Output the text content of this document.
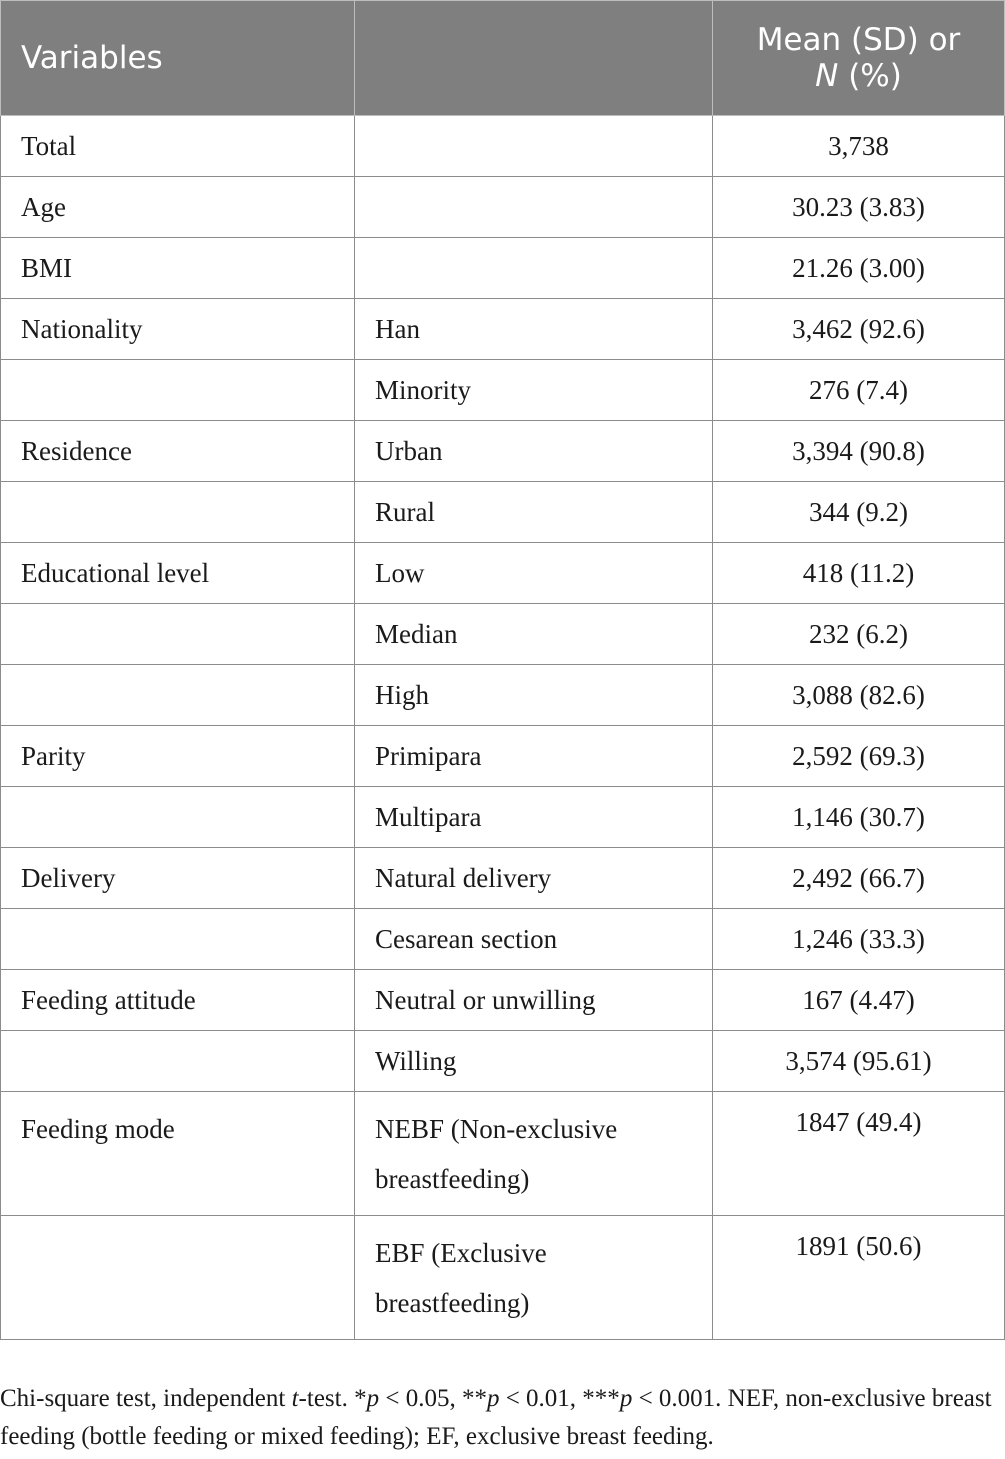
Variables		Mean (SD) or
N (%)
Total		3,738
Age		30.23 (3.83)
BMI		21.26 (3.00)
Nationality	Han	3,462 (92.6)
	Minority	276 (7.4)
Residence	Urban	3,394 (90.8)
	Rural	344 (9.2)
Educational level	Low	418 (11.2)
	Median	232 (6.2)
	High	3,088 (82.6)
Parity	Primipara	2,592 (69.3)
	Multipara	1,146 (30.7)
Delivery	Natural delivery	2,492 (66.7)
	Cesarean section	1,246 (33.3)
Feeding attitude	Neutral or unwilling	167 (4.47)
	Willing	3,574 (95.61)
Feeding mode	NEBF (Non-exclusive breastfeeding)	1847 (49.4)
	EBF (Exclusive breastfeeding)	1891 (50.6)
Chi-square test, independent t-test. *p < 0.05, **p < 0.01, ***p < 0.001. NEF, non-exclusive breast feeding (bottle feeding or mixed feeding); EF, exclusive breast feeding.
